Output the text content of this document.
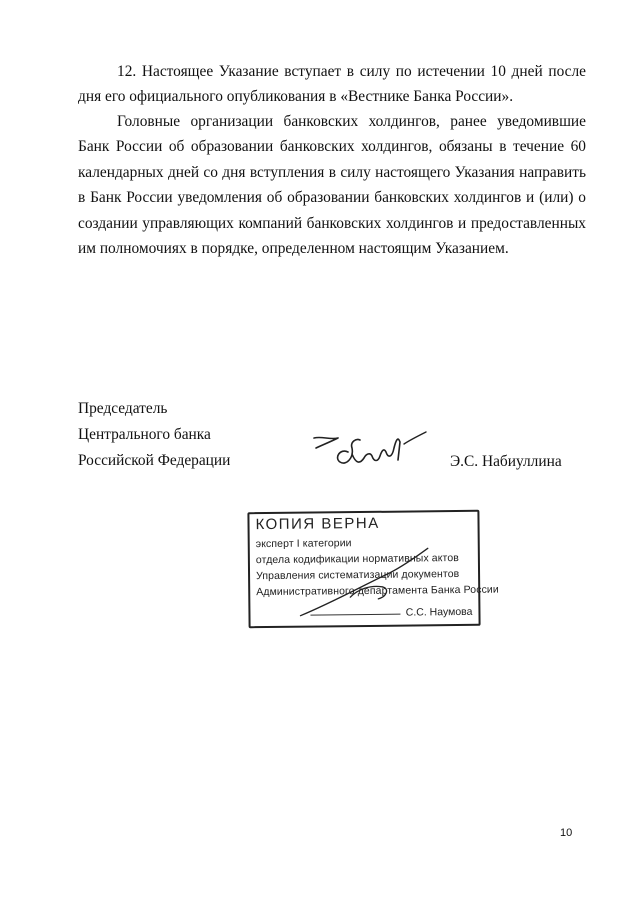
12. Настоящее Указание вступает в силу по истечении 10 дней после дня его официального опубликования в «Вестнике Банка России».

Головные организации банковских холдингов, ранее уведомившие Банк России об образовании банковских холдингов, обязаны в течение 60 календарных дней со дня вступления в силу настоящего Указания направить в Банк России уведомления об образовании банковских холдингов и (или) о создании управляющих компаний банковских холдингов и предоставленных им полномочиях в порядке, определенном настоящим Указанием.

Председатель
Центрального банка
Российской Федерации	Э.С. Набиуллина
КОПИЯ ВЕРНА
эксперт I категории
отдела кодификации нормативных актов
Управления систематизации документов
Административного департамента Банка России
С.С. Наумова
10
